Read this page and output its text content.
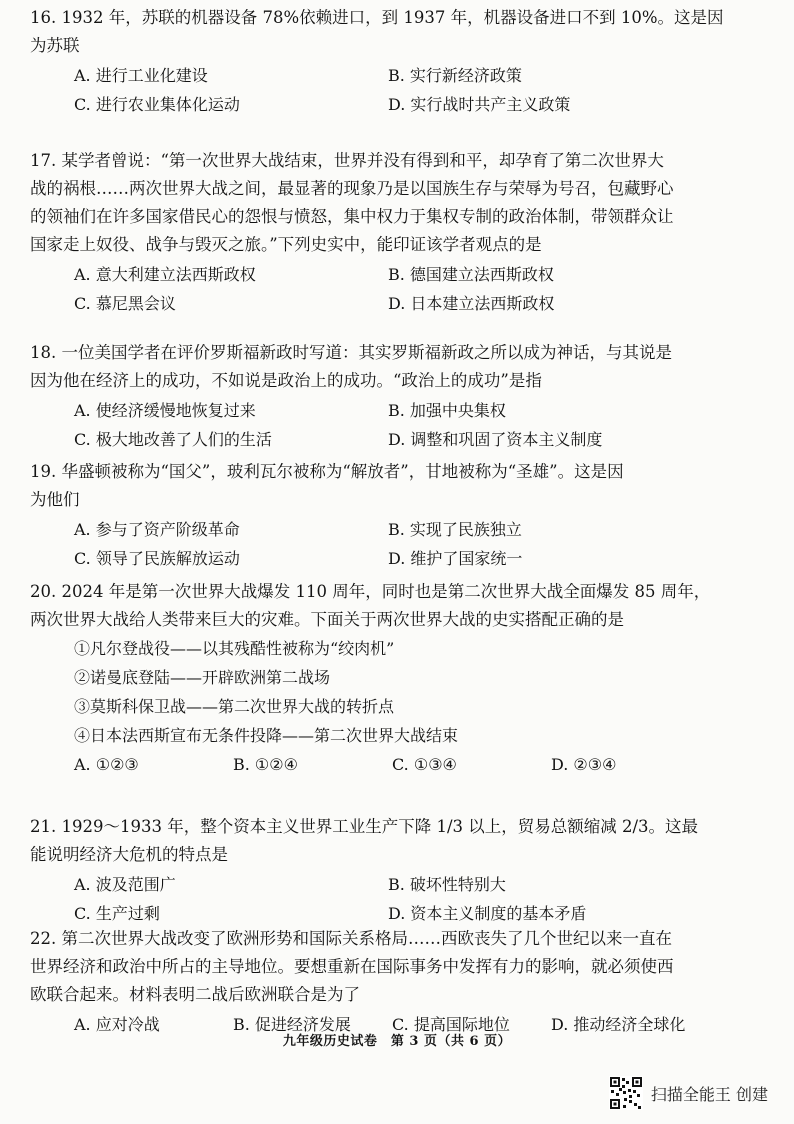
16. 1932 年，苏联的机器设备 78%依赖进口，到 1937 年，机器设备进口不到 10%。这是因
为苏联

A. 进行工业化建设	B. 实行新经济政策
C. 进行农业集体化运动	D. 实行战时共产主义政策

17. 某学者曾说：“第一次世界大战结束，世界并没有得到和平，却孕育了第二次世界大
战的祸根……两次世界大战之间，最显著的现象乃是以国族生存与荣辱为号召，包藏野心
的领袖们在许多国家借民心的怨恨与愤怒，集中权力于集权专制的政治体制，带领群众让
国家走上奴役、战争与毁灭之旅。”下列史实中，能印证该学者观点的是

A. 意大利建立法西斯政权	B. 德国建立法西斯政权
C. 慕尼黑会议	D. 日本建立法西斯政权

18. 一位美国学者在评价罗斯福新政时写道：其实罗斯福新政之所以成为神话，与其说是
因为他在经济上的成功，不如说是政治上的成功。“政治上的成功”是指

A. 使经济缓慢地恢复过来	B. 加强中央集权
C. 极大地改善了人们的生活	D. 调整和巩固了资本主义制度

19. 华盛顿被称为“国父”，玻利瓦尔被称为“解放者”，甘地被称为“圣雄”。这是因
为他们

A. 参与了资产阶级革命	B. 实现了民族独立
C. 领导了民族解放运动	D. 维护了国家统一

20. 2024 年是第一次世界大战爆发 110 周年，同时也是第二次世界大战全面爆发 85 周年，
两次世界大战给人类带来巨大的灾难。下面关于两次世界大战的史实搭配正确的是

①凡尔登战役——以其残酷性被称为“绞肉机”
②诺曼底登陆——开辟欧洲第二战场
③莫斯科保卫战——第二次世界大战的转折点
④日本法西斯宣布无条件投降——第二次世界大战结束
A. ①②③	B. ①②④	C. ①③④	D. ②③④

21. 1929～1933 年，整个资本主义世界工业生产下降 1/3 以上，贸易总额缩减 2/3。这最
能说明经济大危机的特点是

A. 波及范围广	B. 破坏性特别大
C. 生产过剩	D. 资本主义制度的基本矛盾

22. 第二次世界大战改变了欧洲形势和国际关系格局……西欧丧失了几个世纪以来一直在
世界经济和政治中所占的主导地位。要想重新在国际事务中发挥有力的影响，就必须使西
欧联合起来。材料表明二战后欧洲联合是为了

A. 应对冷战	B. 促进经济发展	C. 提高国际地位	D. 推动经济全球化
九年级历史试卷　第 3 页（共 6 页）
扫描全能王 创建
